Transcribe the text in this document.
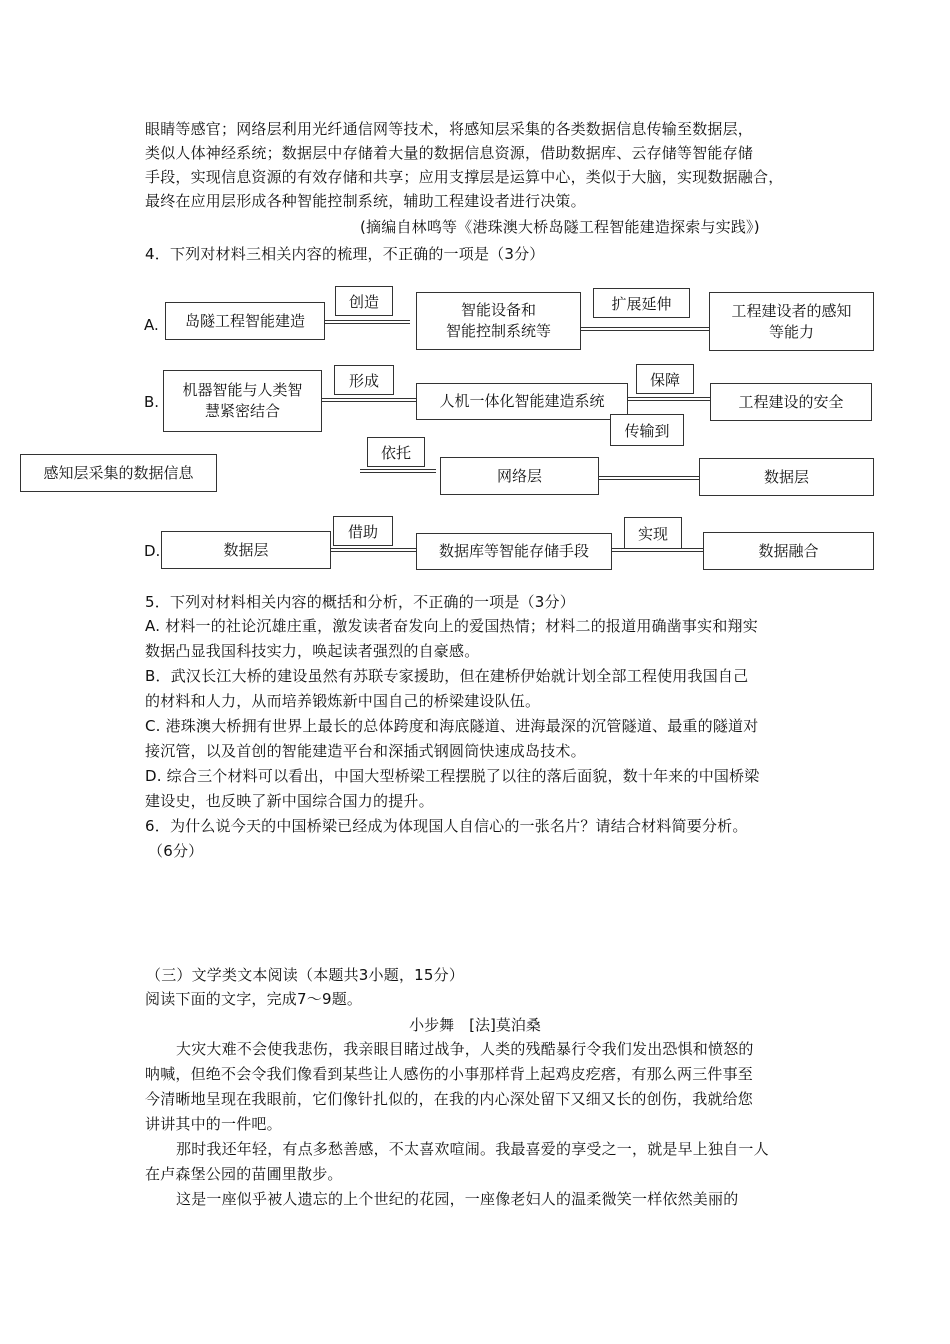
眼睛等感官；网络层利用光纤通信网等技术，将感知层采集的各类数据信息传输至数据层，
类似人体神经系统；数据层中存储着大量的数据信息资源，借助数据库、云存储等智能存储
手段，实现信息资源的有效存储和共享；应用支撑层是运算中心，类似于大脑，实现数据融合，
最终在应用层形成各种智能控制系统，辅助工程建设者进行决策。
(摘编自林鸣等《港珠澳大桥岛隧工程智能建造探索与实践》)
4．下列对材料三相关内容的梳理，不正确的一项是（3分）
A. 岛隧工程智能建造
创造	智能设备和
智能控制系统等
扩展延伸	工程建设者的感知
等能力
B.
机器智能与人类智
慧紧密结合
形成
人机一体化智能建造系统
保障
传输到
工程建设的安全
感知层采集的数据信息
依托
网络层	数据层
D.	数据层
借助
数据库等智能存储手段
实现
数据融合
5．下列对材料相关内容的概括和分析，不正确的一项是（3分）
A. 材料一的社论沉雄庄重，激发读者奋发向上的爱国热情；材料二的报道用确凿事实和翔实
数据凸显我国科技实力，唤起读者强烈的自豪感。
B．武汉长江大桥的建设虽然有苏联专家援助，但在建桥伊始就计划全部工程使用我国自己
的材料和人力，从而培养锻炼新中国自己的桥梁建设队伍。
C. 港珠澳大桥拥有世界上最长的总体跨度和海底隧道、进海最深的沉管隧道、最重的隧道对
接沉管，以及首创的智能建造平台和深插式钢圆筒快速成岛技术。
D. 综合三个材料可以看出，中国大型桥梁工程摆脱了以往的落后面貌，数十年来的中国桥梁
建设史，也反映了新中国综合国力的提升。
6．为什么说今天的中国桥梁已经成为体现国人自信心的一张名片？请结合材料简要分析。
（6分）
（三）文学类文本阅读（本题共3小题，15分）
阅读下面的文字，完成7～9题。
小步舞　[法]莫泊桑
大灾大难不会使我悲伤，我亲眼目睹过战争，人类的残酷暴行令我们发出恐惧和愤怒的
呐喊，但绝不会令我们像看到某些让人感伤的小事那样背上起鸡皮疙瘩，有那么两三件事至
今清晰地呈现在我眼前，它们像针扎似的，在我的内心深处留下又细又长的创伤，我就给您
讲讲其中的一件吧。
那时我还年轻，有点多愁善感，不太喜欢喧闹。我最喜爱的享受之一，就是早上独自一人
在卢森堡公园的苗圃里散步。
这是一座似乎被人遗忘的上个世纪的花园，一座像老妇人的温柔微笑一样依然美丽的
